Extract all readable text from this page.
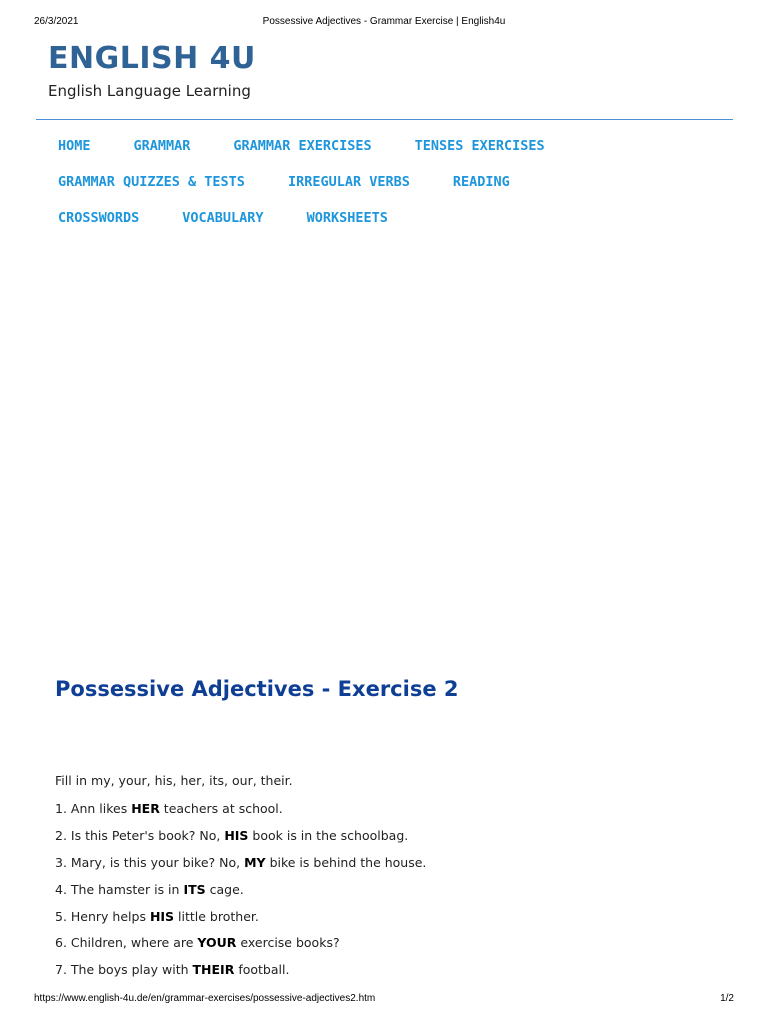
26/3/2021	Possessive Adjectives - Grammar Exercise | English4u
ENGLISH 4U
English Language Learning
HOME	GRAMMAR	GRAMMAR EXERCISES	TENSES EXERCISES
GRAMMAR QUIZZES & TESTS	IRREGULAR VERBS	READING
CROSSWORDS	VOCABULARY	WORKSHEETS
Possessive Adjectives - Exercise 2
Fill in my, your, his, her, its, our, their.
1. Ann likes HER teachers at school.
2. Is this Peter's book? No, HIS book is in the schoolbag.
3. Mary, is this your bike? No, MY bike is behind the house.
4. The hamster is in ITS cage.
5. Henry helps HIS little brother.
6. Children, where are YOUR exercise books?
7. The boys play with THEIR football.
https://www.english-4u.de/en/grammar-exercises/possessive-adjectives2.htm	1/2
